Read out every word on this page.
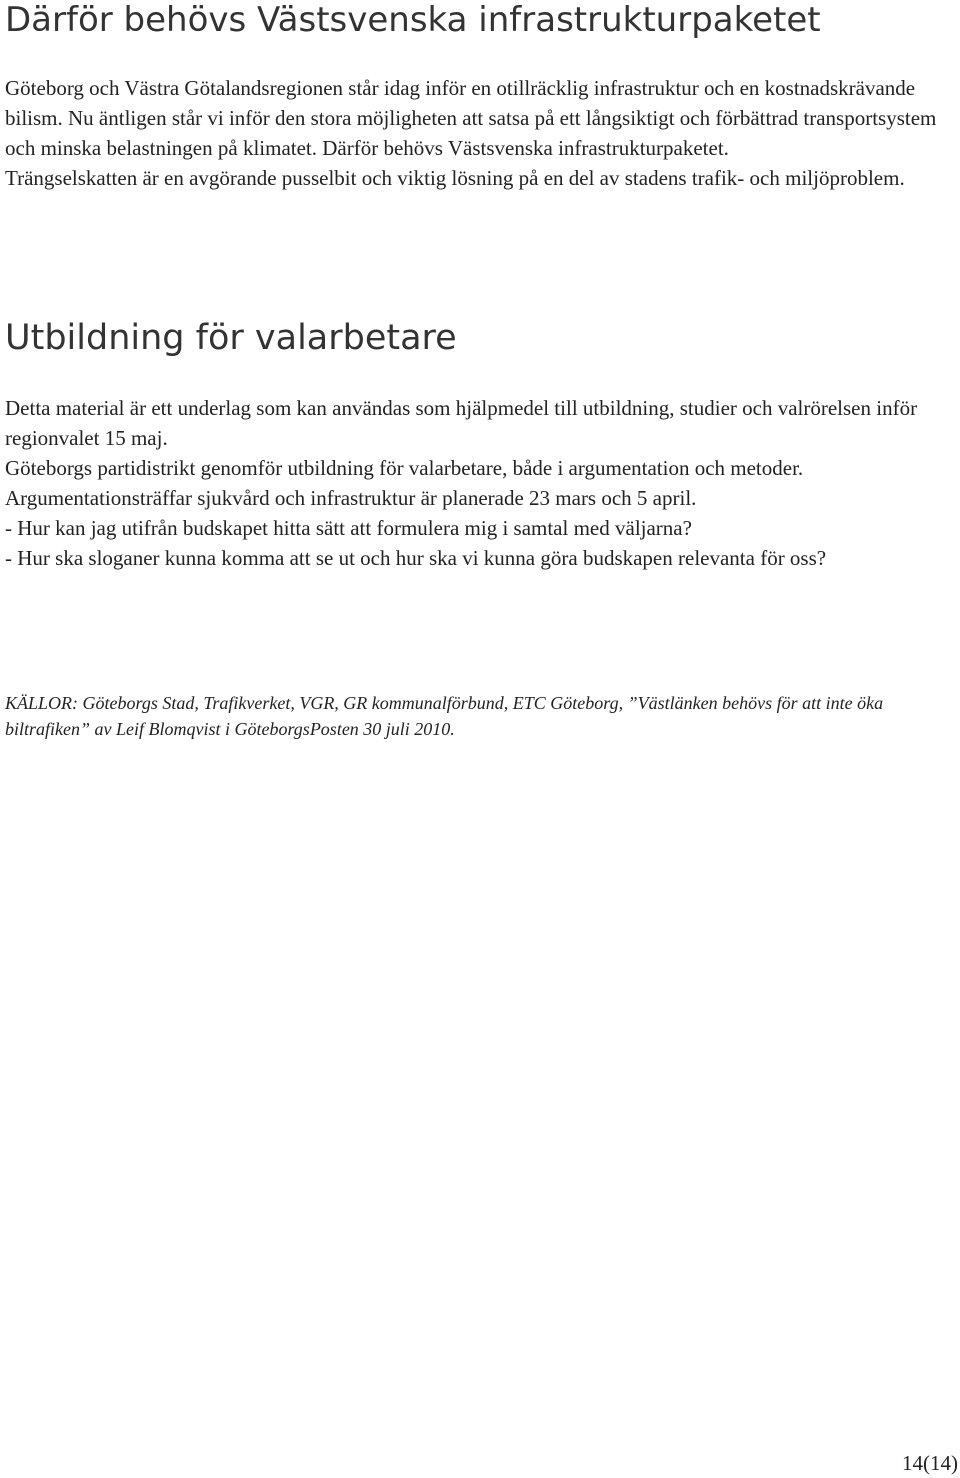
Därför behövs Västsvenska infrastrukturpaketet

Göteborg och Västra Götalandsregionen står idag inför en otillräcklig infrastruktur och en kostnadskrävande bilism. Nu äntligen står vi inför den stora möjligheten att satsa på ett långsiktigt och förbättrad transportsystem och minska belastningen på klimatet. Därför behövs Västsvenska infrastrukturpaketet.

Trängselskatten är en avgörande pusselbit och viktig lösning på en del av stadens trafik- och miljöproblem.

Utbildning för valarbetare

Detta material är ett underlag som kan användas som hjälpmedel till utbildning, studier och valrörelsen inför regionvalet 15 maj.

Göteborgs partidistrikt genomför utbildning för valarbetare, både i argumentation och metoder.

Argumentationsträffar sjukvård och infrastruktur är planerade 23 mars och 5 april.

- Hur kan jag utifrån budskapet hitta sätt att formulera mig i samtal med väljarna?

- Hur ska sloganer kunna komma att se ut och hur ska vi kunna göra budskapen relevanta för oss?

KÄLLOR: Göteborgs Stad, Trafikverket, VGR, GR kommunalförbund, ETC Göteborg, ”Västlänken behövs för att inte öka biltrafiken” av Leif Blomqvist i GöteborgsPosten 30 juli 2010.

14(14)
